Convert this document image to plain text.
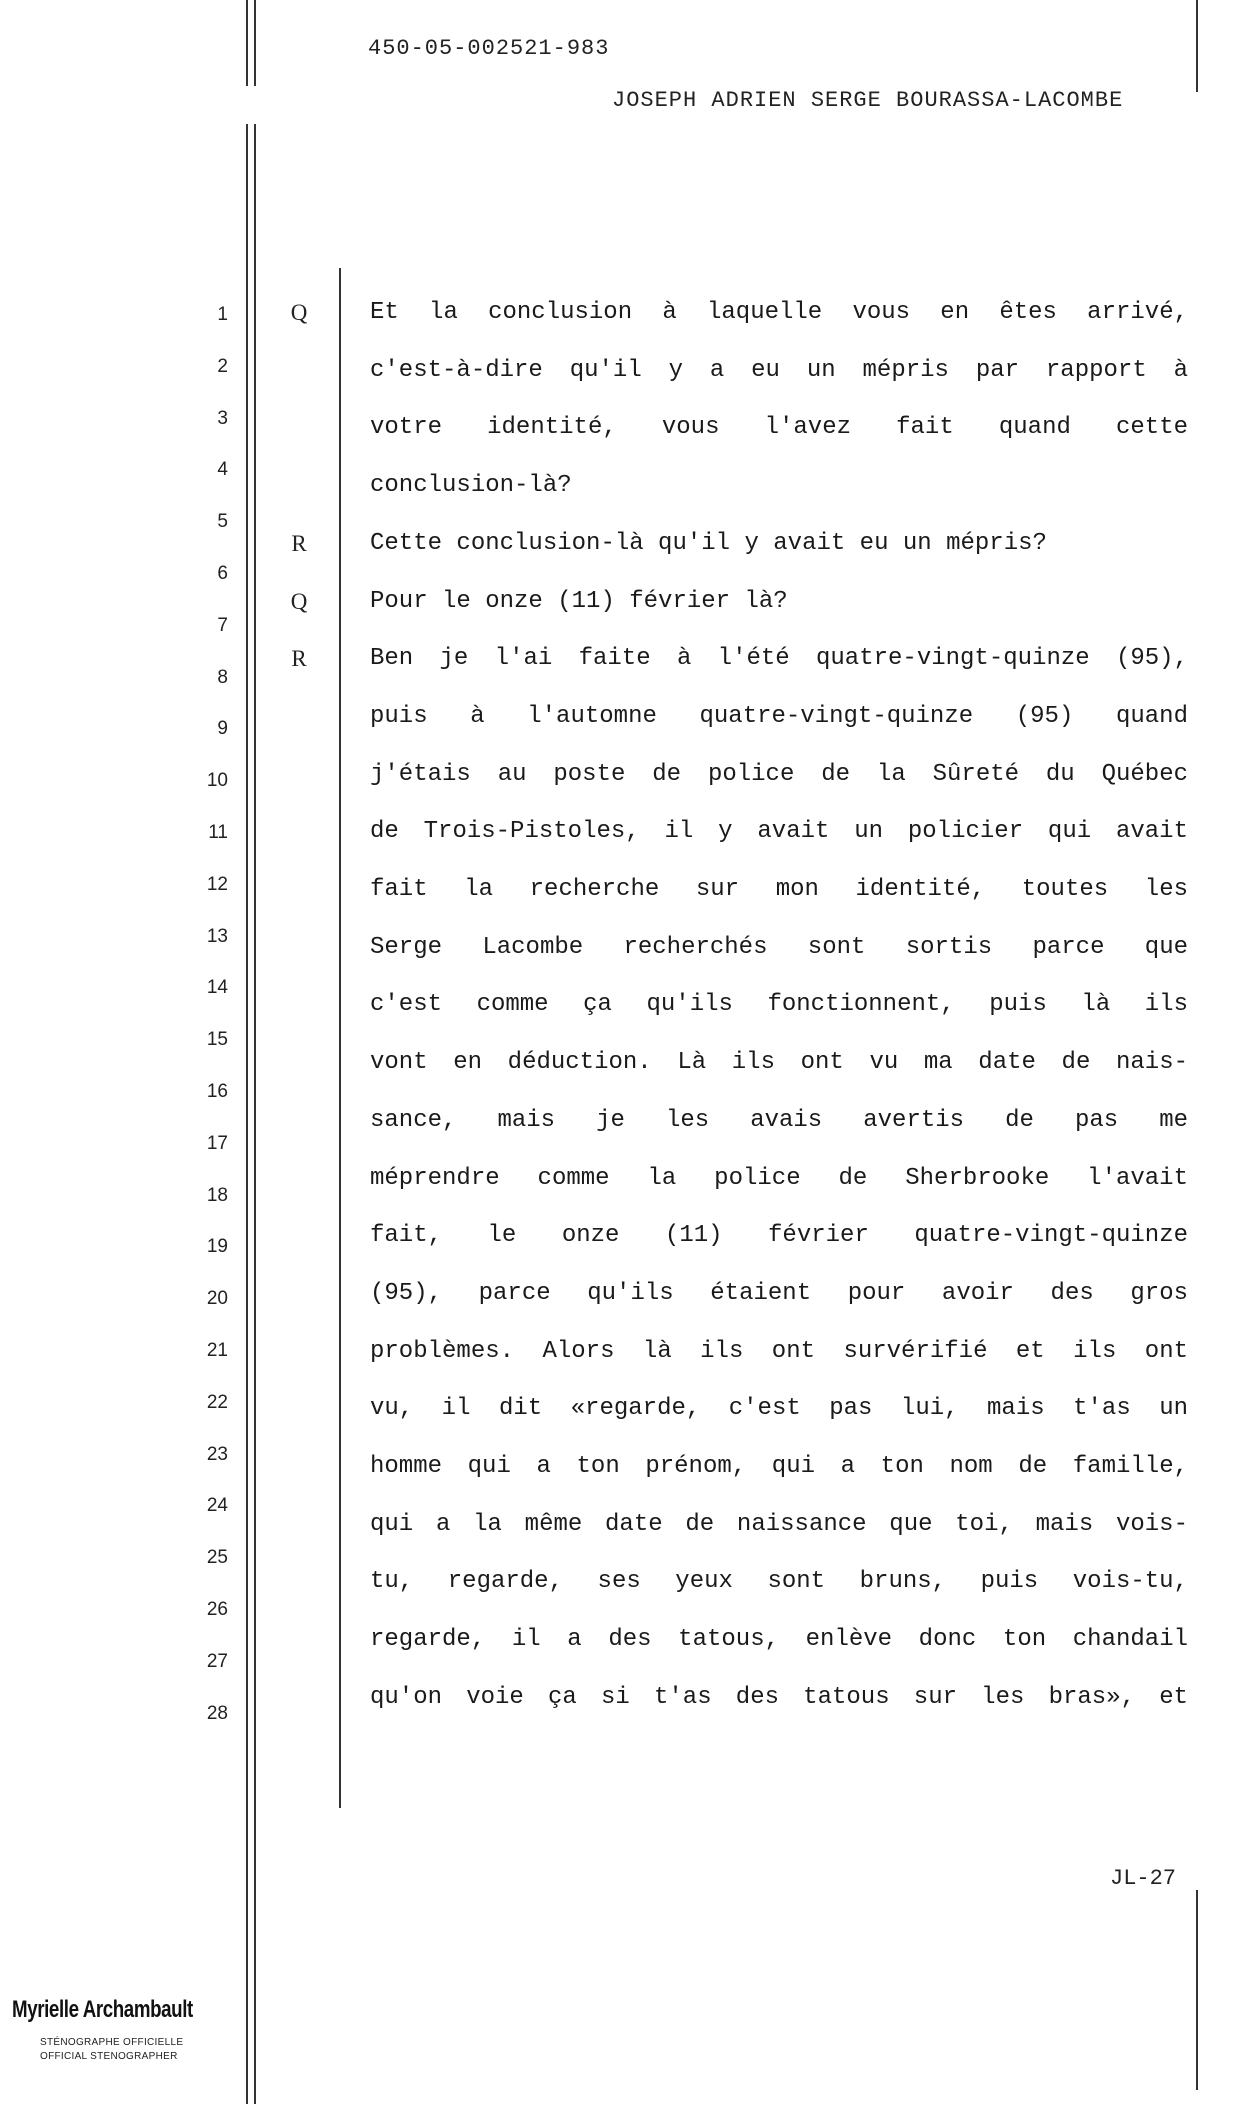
450-05-002521-983
JOSEPH ADRIEN SERGE BOURASSA-LACOMBE
1	Q	Et la conclusion à laquelle vous en êtes arrivé,
2	c'est-à-dire qu'il y a eu un mépris par rapport à
3	votre identité, vous l'avez fait quand cette
4
conclusion-là?
5
R	Cette conclusion-là qu'il y avait eu un mépris?
6
Q	Pour le onze (11) février là?
7
R	Ben je l'ai faite à l'été quatre-vingt-quinze (95),
8
puis à l'automne quatre-vingt-quinze (95) quand
9
j'étais au poste de police de la Sûreté du Québec
10
de Trois-Pistoles, il y avait un policier qui avait
11
fait la recherche sur mon identité, toutes les
12
Serge Lacombe recherchés sont sortis parce que
13
c'est comme ça qu'ils fonctionnent, puis là ils
14
vont en déduction. Là ils ont vu ma date de nais-
15
sance, mais je les avais avertis de pas me
16
méprendre comme la police de Sherbrooke l'avait
17
fait, le onze (11) février quatre-vingt-quinze
18
(95), parce qu'ils étaient pour avoir des gros
19
problèmes. Alors là ils ont survérifié et ils ont
20
vu, il dit «regarde, c'est pas lui, mais t'as un
21
homme qui a ton prénom, qui a ton nom de famille,
22
qui a la même date de naissance que toi, mais vois-
23
tu, regarde, ses yeux sont bruns, puis vois-tu,
24
regarde, il a des tatous, enlève donc ton chandail
25
qu'on voie ça si t'as des tatous sur les bras», et
26
27
28
JL-27
Myrielle Archambault
STÉNOGRAPHE OFFICIELLE
OFFICIAL STENOGRAPHER
